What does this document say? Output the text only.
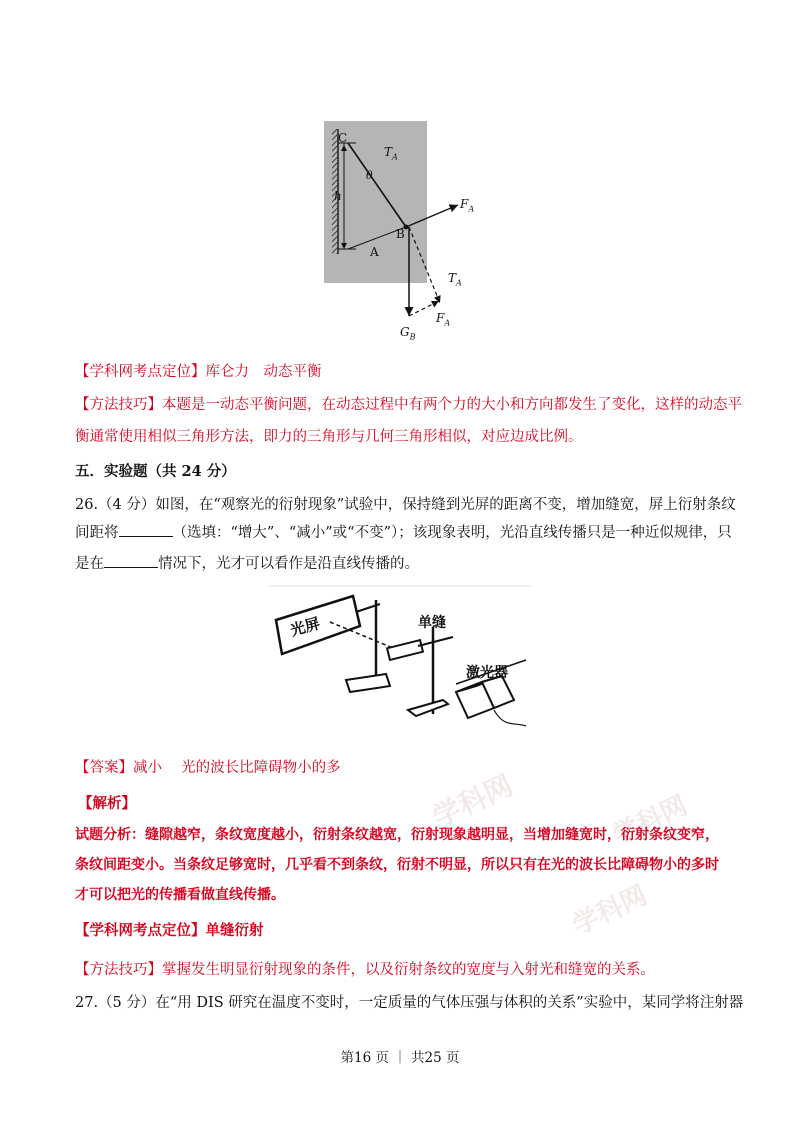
C
h
θ
$T_A$
B
A
$F_A$
$T_A$
$F_A$
$G_B$
【学科网考点定位】库仑力　动态平衡
【方法技巧】本题是一动态平衡问题，在动态过程中有两个力的大小和方向都发生了变化，这样的动态平
衡通常使用相似三角形方法，即力的三角形与几何三角形相似，对应边成比例。
五．实验题（共 24 分）
26.（4 分）如图，在“观察光的衍射现象”试验中，保持缝到光屏的距离不变，增加缝宽，屏上衍射条纹
间距将	（选填：“增大”、“减小”或“不变”）；该现象表明，光沿直线传播只是一种近似规律，只
是在	情况下，光才可以看作是沿直线传播的。
光屏	单缝
激光器
【答案】减小　 光的波长比障碍物小的多
学科网	学科网
学科网
【解析】
试题分析：缝隙越窄，条纹宽度越小，衍射条纹越宽，衍射现象越明显，当增加缝宽时，衍射条纹变窄，
条纹间距变小。当条纹足够宽时，几乎看不到条纹，衍射不明显，所以只有在光的波长比障碍物小的多时
才可以把光的传播看做直线传播。
【学科网考点定位】单缝衍射
【方法技巧】掌握发生明显衍射现象的条件，以及衍射条纹的宽度与入射光和缝宽的关系。
27.（5 分）在“用 DIS 研究在温度不变时，一定质量的气体压强与体积的关系”实验中，某同学将注射器
第16 页 ｜ 共25 页
